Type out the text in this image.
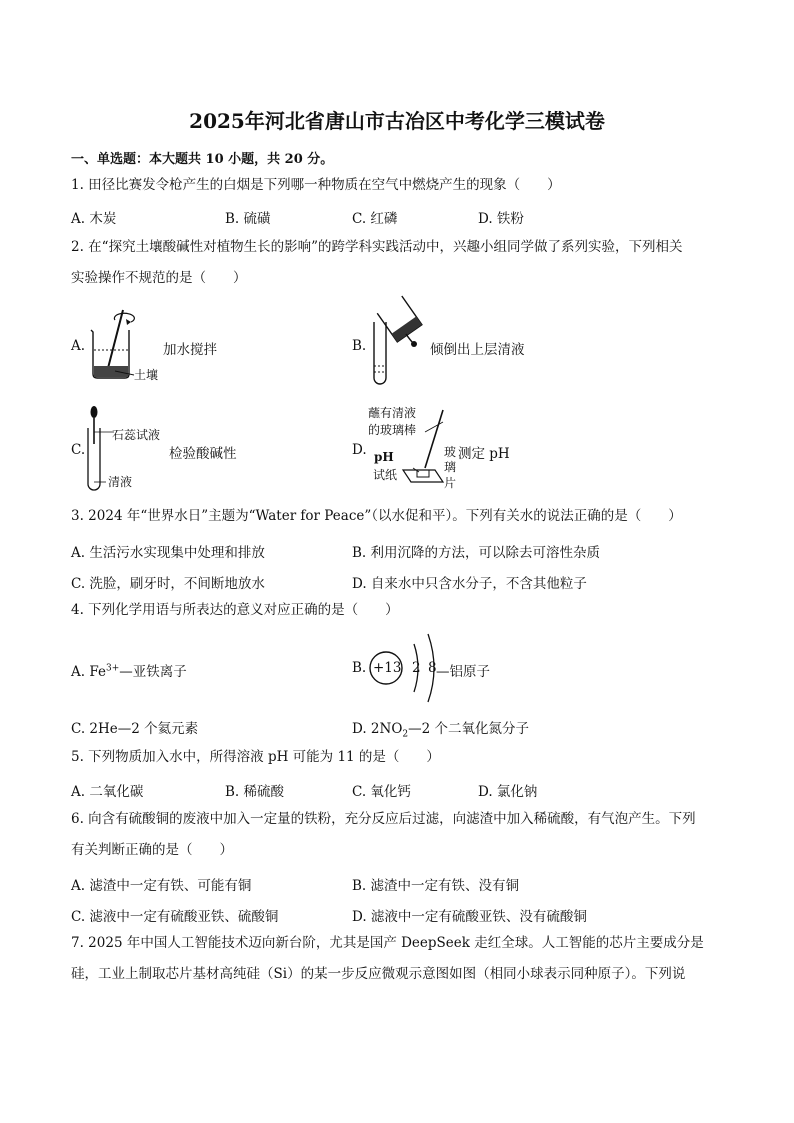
2025年河北省唐山市古冶区中考化学三模试卷
一、单选题：本大题共 10 小题，共 20 分。
1. 田径比赛发令枪产生的白烟是下列哪一种物质在空气中燃烧产生的现象（　　）
A. 木炭	B. 硫磺	C. 红磷	D. 铁粉
2. 在“探究土壤酸碱性对植物生长的影响”的跨学科实践活动中，兴趣小组同学做了系列实验，下列相关
实验操作不规范的是（　　）
A.
土壤
加水搅拌	B.	倾倒出上层清液
C.
石蕊试液
清液
检验酸碱性	D.
蘸有清液
的玻璃棒
pH
试纸
玻
璃
片
测定 pH
3. 2024 年“世界水日”主题为“Water for Peace”（以水促和平）。下列有关水的说法正确的是（　　）
A. 生活污水实现集中处理和排放	B. 利用沉降的方法，可以除去可溶性杂质
C. 洗脸，刷牙时，不间断地放水	D. 自来水中只含水分子，不含其他粒子
4. 下列化学用语与所表达的意义对应正确的是（　　）
A. $Fe^{3+}—$亚铁离子	B. +13 2 8 —铝原子
C. 2He—2 个氦元素	D. $2NO_2—2$ 个二氧化氮分子
5. 下列物质加入水中，所得溶液 pH 可能为 11 的是（　　）
A. 二氧化碳	B. 稀硫酸	C. 氧化钙	D. 氯化钠
6. 向含有硫酸铜的废液中加入一定量的铁粉，充分反应后过滤，向滤渣中加入稀硫酸，有气泡产生。下列
有关判断正确的是（　　）
A. 滤渣中一定有铁、可能有铜	B. 滤渣中一定有铁、没有铜
C. 滤液中一定有硫酸亚铁、硫酸铜	D. 滤液中一定有硫酸亚铁、没有硫酸铜
7. 2025 年中国人工智能技术迈向新台阶，尤其是国产 DeepSeek 走红全球。人工智能的芯片主要成分是
硅，工业上制取芯片基材高纯硅（Si）的某一步反应微观示意图如图（相同小球表示同种原子）。下列说
